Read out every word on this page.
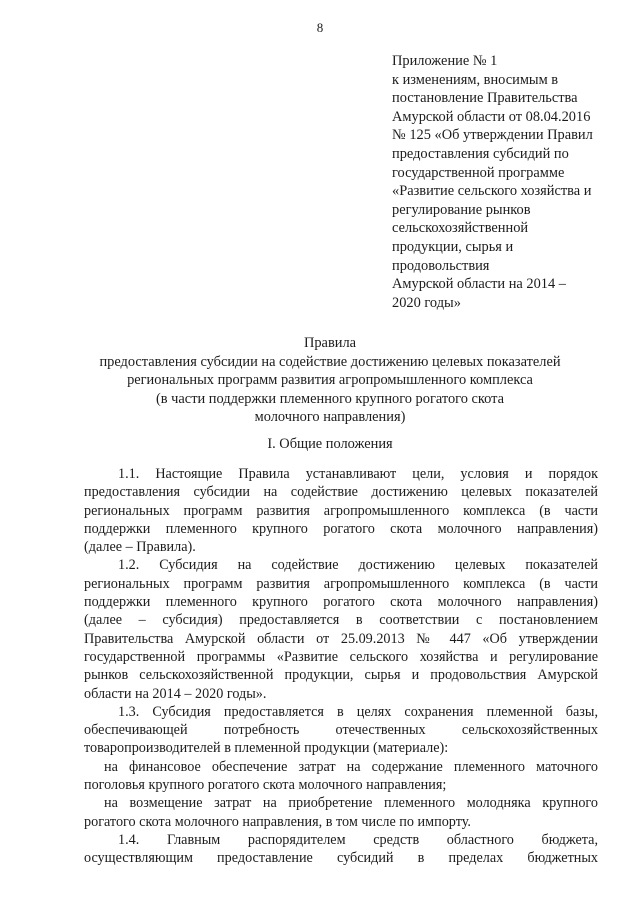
8
Приложение № 1
к изменениям, вносимым в
постановление Правительства
Амурской области от 08.04.2016
№ 125 «Об утверждении Правил
предоставления субсидий по
государственной программе
«Развитие сельского хозяйства и
регулирование рынков
сельскохозяйственной
продукции, сырья и
продовольствия
Амурской области на 2014 –
2020 годы»
Правила
предоставления субсидии на содействие достижению целевых показателей
региональных программ развития агропромышленного комплекса
(в части поддержки племенного крупного рогатого скота
молочного направления)
I. Общие положения
1.1. Настоящие Правила устанавливают цели, условия и порядок
предоставления субсидии на содействие достижению целевых показателей
региональных программ развития агропромышленного комплекса (в части
поддержки племенного крупного рогатого скота молочного направления)
(далее – Правила).
1.2. Субсидия на содействие достижению целевых показателей
региональных программ развития агропромышленного комплекса (в части
поддержки племенного крупного рогатого скота молочного направления)
(далее – субсидия) предоставляется в соответствии с постановлением
Правительства Амурской области от 25.09.2013 № 447 «Об утверждении
государственной программы «Развитие сельского хозяйства и регулирование
рынков сельскохозяйственной продукции, сырья и продовольствия Амурской
области на 2014 – 2020 годы».
1.3. Субсидия предоставляется в целях сохранения племенной базы,
обеспечивающей потребность отечественных сельскохозяйственных
товаропроизводителей в племенной продукции (материале):
на финансовое обеспечение затрат на содержание племенного маточного
поголовья крупного рогатого скота молочного направления;
на возмещение затрат на приобретение племенного молодняка крупного
рогатого скота молочного направления, в том числе по импорту.
1.4. Главным распорядителем средств областного бюджета,
осуществляющим предоставление субсидий в пределах бюджетных
